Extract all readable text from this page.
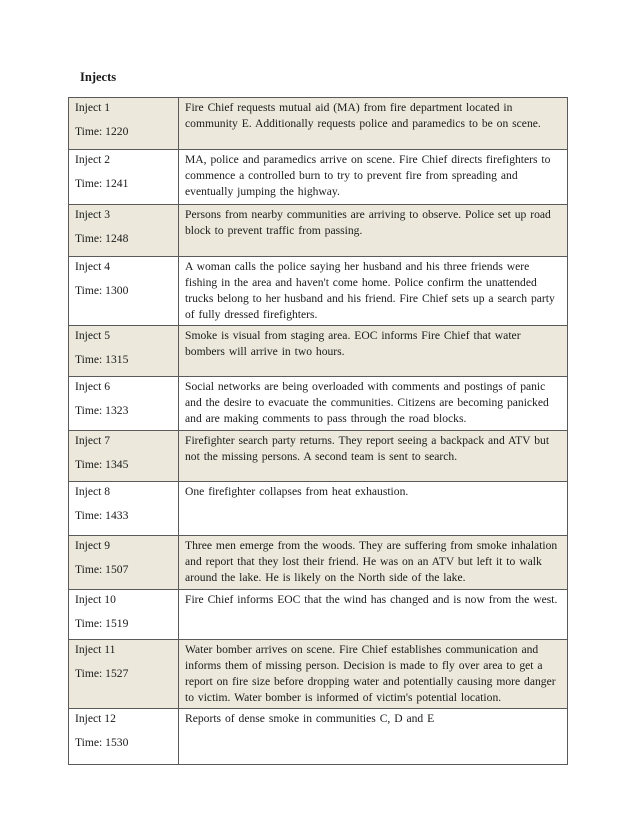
Injects

Inject 1
Time: 1220	Fire Chief requests mutual aid (MA) from fire department located in community E. Additionally requests police and paramedics to be on scene.

Inject 2
Time: 1241	MA, police and paramedics arrive on scene. Fire Chief directs firefighters to commence a controlled burn to try to prevent fire from spreading and eventually jumping the highway.

Inject 3
Time: 1248	Persons from nearby communities are arriving to observe. Police set up road block to prevent traffic from passing.

Inject 4
Time: 1300	A woman calls the police saying her husband and his three friends were fishing in the area and haven't come home. Police confirm the unattended trucks belong to her husband and his friend. Fire Chief sets up a search party of fully dressed firefighters.

Inject 5
Time: 1315	Smoke is visual from staging area. EOC informs Fire Chief that water bombers will arrive in two hours.

Inject 6
Time: 1323	Social networks are being overloaded with comments and postings of panic and the desire to evacuate the communities. Citizens are becoming panicked and are making comments to pass through the road blocks.

Inject 7
Time: 1345	Firefighter search party returns. They report seeing a backpack and ATV but not the missing persons. A second team is sent to search.

Inject 8
Time: 1433	One firefighter collapses from heat exhaustion.

Inject 9
Time: 1507	Three men emerge from the woods. They are suffering from smoke inhalation and report that they lost their friend. He was on an ATV but left it to walk around the lake. He is likely on the North side of the lake.

Inject 10
Time: 1519	Fire Chief informs EOC that the wind has changed and is now from the west.

Inject 11
Time: 1527	Water bomber arrives on scene. Fire Chief establishes communication and informs them of missing person. Decision is made to fly over area to get a report on fire size before dropping water and potentially causing more danger to victim. Water bomber is informed of victim's potential location.

Inject 12
Time: 1530	Reports of dense smoke in communities C, D and E
